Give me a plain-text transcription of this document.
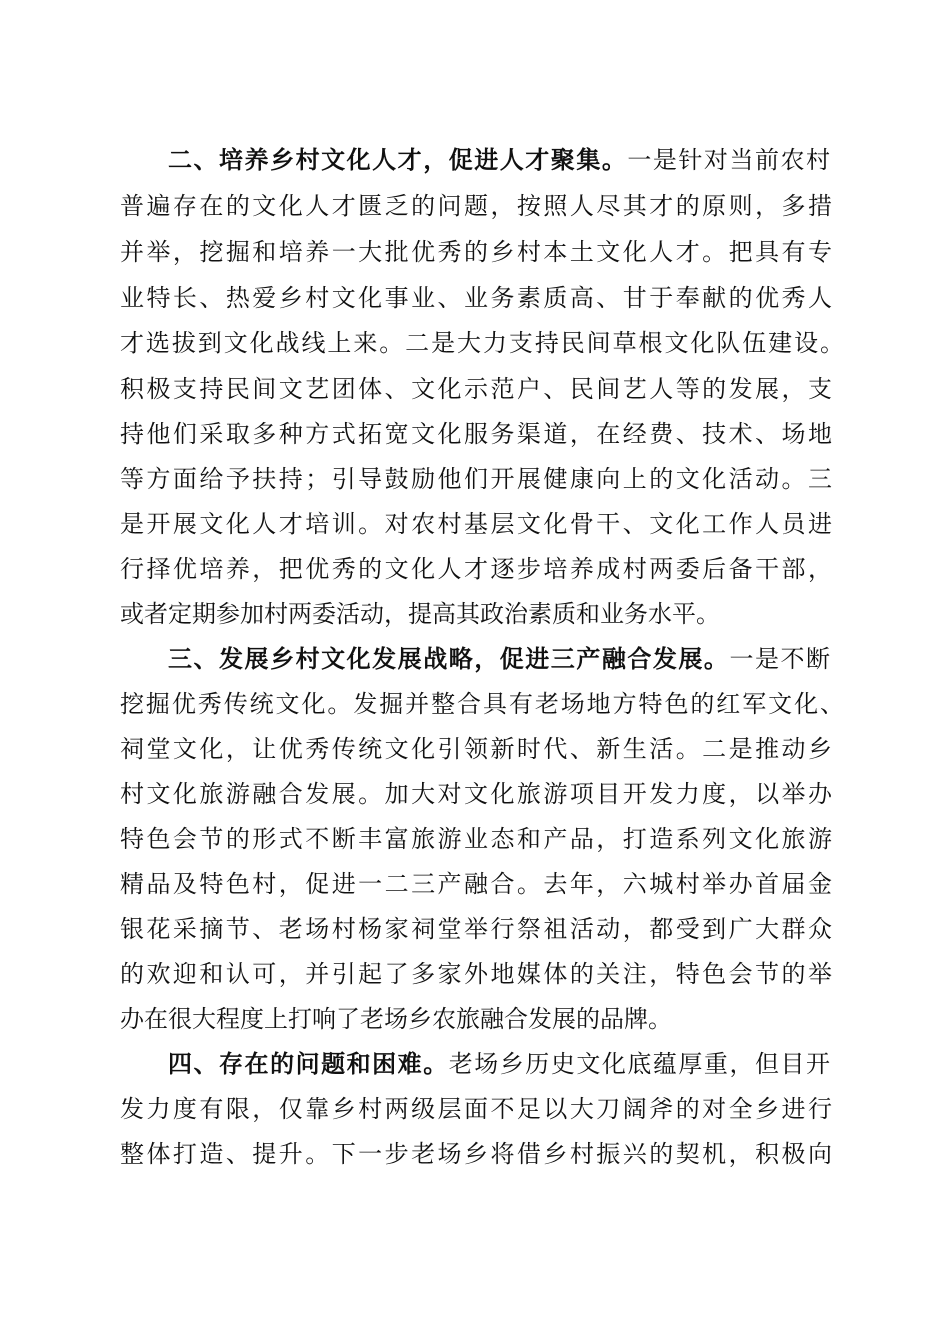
二、培养乡村文化人才，促进人才聚集。一是针对当前农村
普遍存在的文化人才匮乏的问题，按照人尽其才的原则，多措
并举，挖掘和培养一大批优秀的乡村本土文化人才。把具有专
业特长、热爱乡村文化事业、业务素质高、甘于奉献的优秀人
才选拔到文化战线上来。二是大力支持民间草根文化队伍建设。
积极支持民间文艺团体、文化示范户、民间艺人等的发展，支
持他们采取多种方式拓宽文化服务渠道，在经费、技术、场地
等方面给予扶持；引导鼓励他们开展健康向上的文化活动。三
是开展文化人才培训。对农村基层文化骨干、文化工作人员进
行择优培养，把优秀的文化人才逐步培养成村两委后备干部，
或者定期参加村两委活动，提高其政治素质和业务水平。
三、发展乡村文化发展战略，促进三产融合发展。一是不断
挖掘优秀传统文化。发掘并整合具有老场地方特色的红军文化、
祠堂文化，让优秀传统文化引领新时代、新生活。二是推动乡
村文化旅游融合发展。加大对文化旅游项目开发力度，以举办
特色会节的形式不断丰富旅游业态和产品，打造系列文化旅游
精品及特色村，促进一二三产融合。去年，六城村举办首届金
银花采摘节、老场村杨家祠堂举行祭祖活动，都受到广大群众
的欢迎和认可，并引起了多家外地媒体的关注，特色会节的举
办在很大程度上打响了老场乡农旅融合发展的品牌。
四、存在的问题和困难。老场乡历史文化底蕴厚重，但目开
发力度有限，仅靠乡村两级层面不足以大刀阔斧的对全乡进行
整体打造、提升。下一步老场乡将借乡村振兴的契机，积极向
